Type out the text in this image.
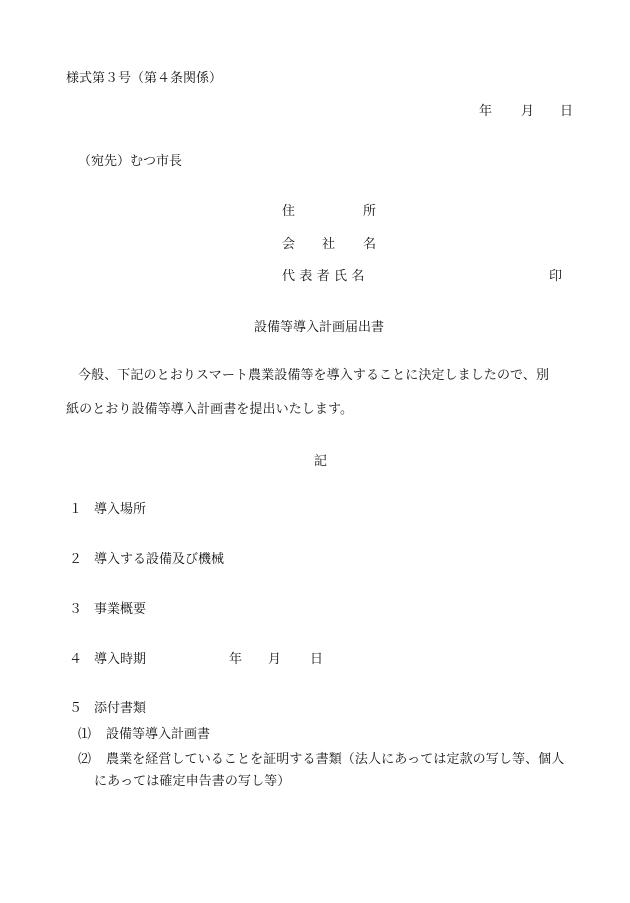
様式第３号（第４条関係）
年 月 日
（宛先）むつ市長
住	所
会 社 名
代 表 者 氏 名	印
設備等導入計画届出書
今般、下記のとおりスマート農業設備等を導入することに決定しましたので、別
紙のとおり設備等導入計画書を提出いたします。
記
１ 導入場所
２ 導入する設備及び機械
３ 事業概要
４ 導入時期	年 月 日
５ 添付書類
⑴ 設備等導入計画書
⑵ 農業を経営していることを証明する書類（法人にあっては定款の写し等、個人
にあっては確定申告書の写し等）
